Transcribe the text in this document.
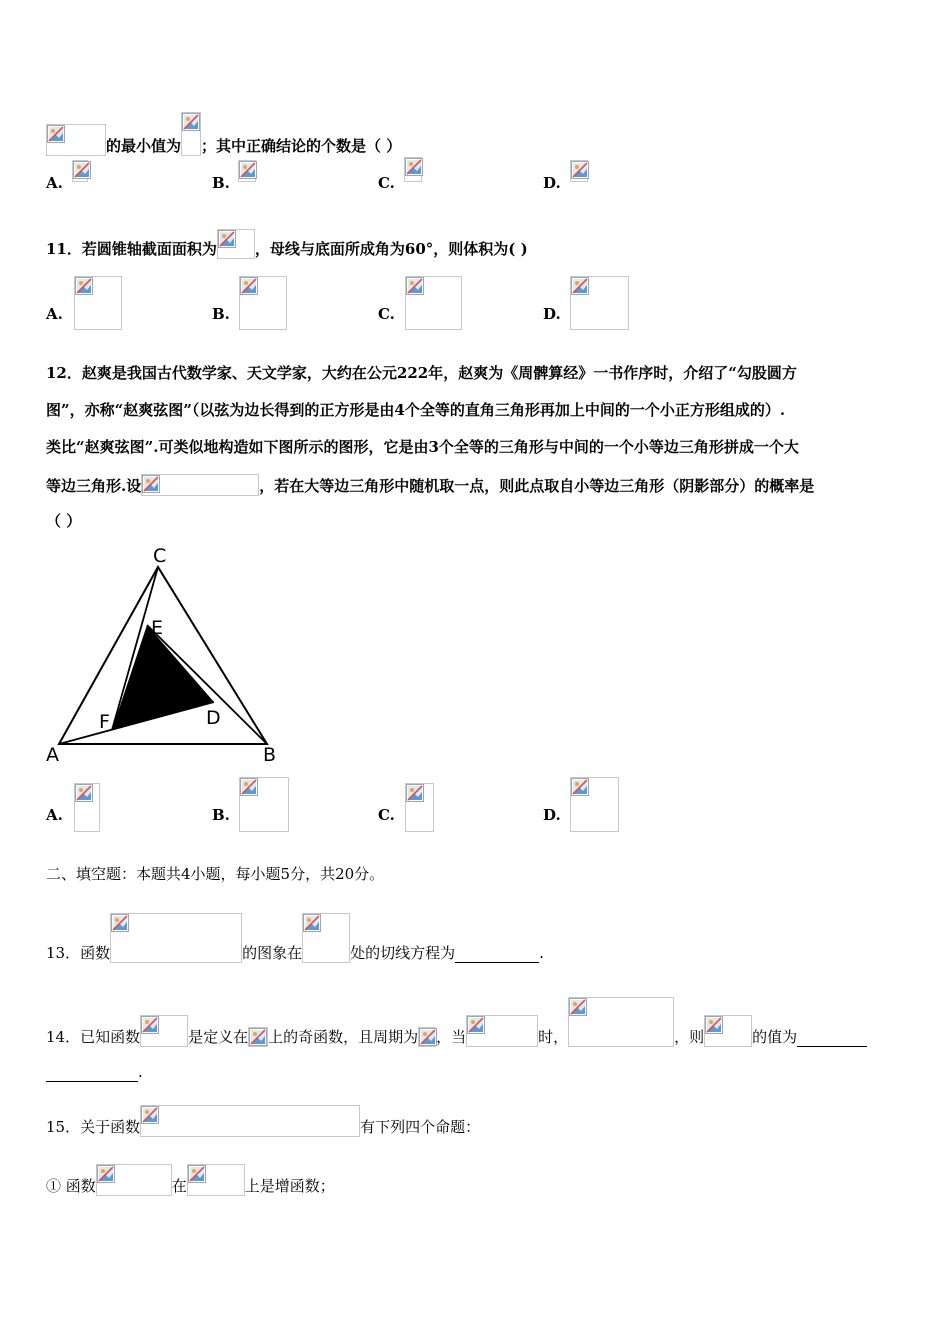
的最小值为 ；其中正确结论的个数是（ ）
A.	B.	C.	D.
11．若圆锥轴截面面积为	，母线与底面所成角为60°，则体积为( )
A.	B.	C.	D.
12．赵爽是我国古代数学家、天文学家，大约在公元222年，赵爽为《周髀算经》一书作序时，介绍了“勾股圆方
图”，亦称“赵爽弦图”（以弦为边长得到的正方形是由4个全等的直角三角形再加上中间的一个小正方形组成的）.
类比“赵爽弦图”.可类似地构造如下图所示的图形，它是由3个全等的三角形与中间的一个小等边三角形拼成一个大
等边三角形.设	，若在大等边三角形中随机取一点，则此点取自小等边三角形（阴影部分）的概率是
（ ）
C
E
D
F
A	B
A.	B.	C.	D.
二、填空题：本题共4小题，每小题5分，共20分。
13．函数	的图象在	处的切线方程为	.
14．已知函数	是定义在 上的奇函数，且周期为 ，当	时，	，则	的值为
.
15．关于函数	有下列四个命题：
① 函数	在	上是增函数；
